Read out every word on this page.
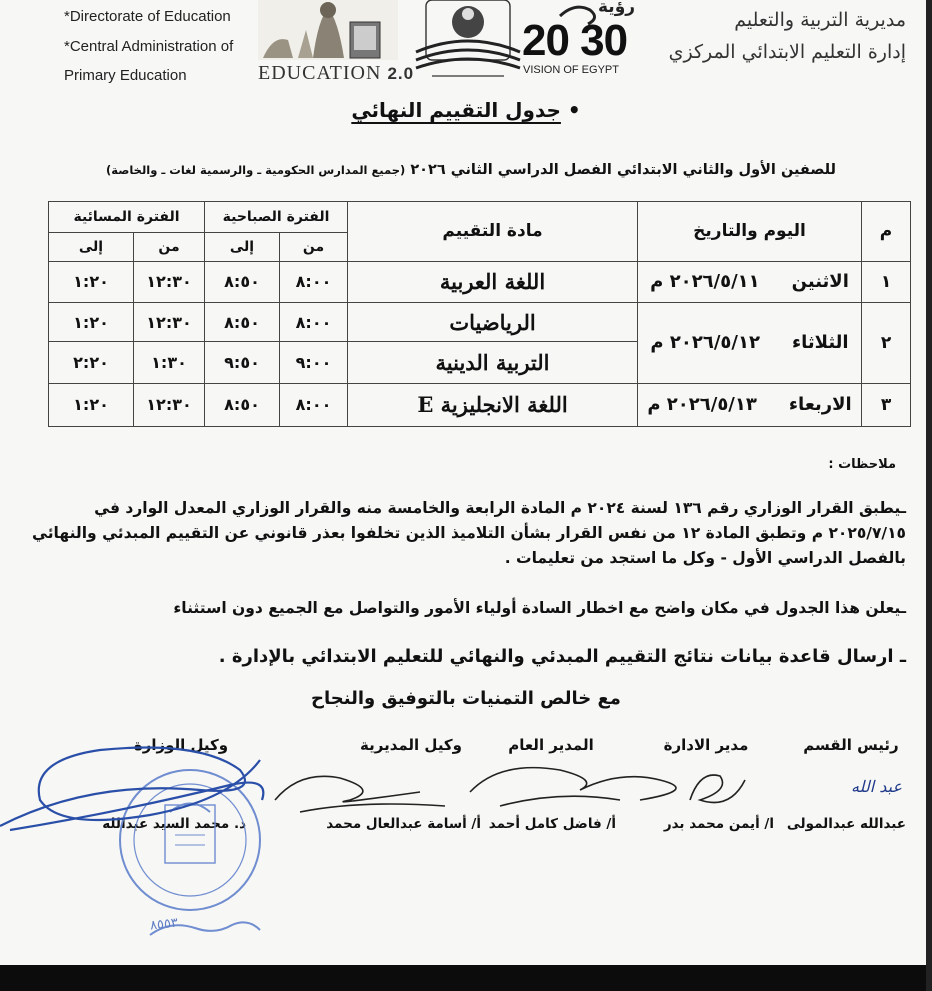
*Directorate of Education
*Central Administration of
Primary Education	EDUCATION 2.0
رؤية
20 30
VISION OF EGYPT
مديرية التربية والتعليم
إدارة التعليم الابتدائي المركزي
• جدول التقييم النهائي
للصفين الأول والثاني الابتدائي الفصل الدراسي الثاني ٢٠٢٦ (جميع المدارس الحكومية ـ والرسمية لغات ـ والخاصة)
م	اليوم والتاريخ	مادة التقييم	الفترة الصباحية		الفترة المسائية	
			من	إلى	من	إلى
١	الاثنين٢٠٢٦/٥/١١ م	اللغة العربية	٨:٠٠	٨:٥٠	١٢:٣٠	١:٢٠
٢	الثلاثاء٢٠٢٦/٥/١٢ م	الرياضيات	٨:٠٠	٨:٥٠	١٢:٣٠	١:٢٠
		التربية الدينية	٩:٠٠	٩:٥٠	١:٣٠	٢:٢٠
٣	الاربعاء٢٠٢٦/٥/١٣ م	اللغة الانجليزية E	٨:٠٠	٨:٥٠	١٢:٣٠	١:٢٠
ملاحظات :
ـيطبق القرار الوزاري رقم ١٣٦ لسنة ٢٠٢٤ م المادة الرابعة والخامسة منه والقرار الوزاري المعدل الوارد في ٢٠٢٥/٧/١٥ م وتطبق المادة ١٢ من نفس القرار بشأن التلاميذ الذين تخلفوا بعذر قانوني عن التقييم المبدئي والنهائي بالفصل الدراسي الأول - وكل ما استجد من تعليمات .
ـيعلن هذا الجدول في مكان واضح مع اخطار السادة أولياء الأمور والتواصل مع الجميع دون استثناء
ـ ارسال قاعدة بيانات نتائج التقييم المبدئي والنهائي للتعليم الابتدائي بالإدارة .
مع خالص التمنيات بالتوفيق والنجاح
رئيس القسم
عبدالله عبدالمولى
مدير الادارة
ا/ أيمن محمد بدر
المدير العام
أ/ فاضل كامل أحمد
وكيل المديرية
أ/ أسامة عبدالعال محمد
وكيل الوزارة
د. محمد السيد عبدالله
عبد الله
٨٥٥٣
